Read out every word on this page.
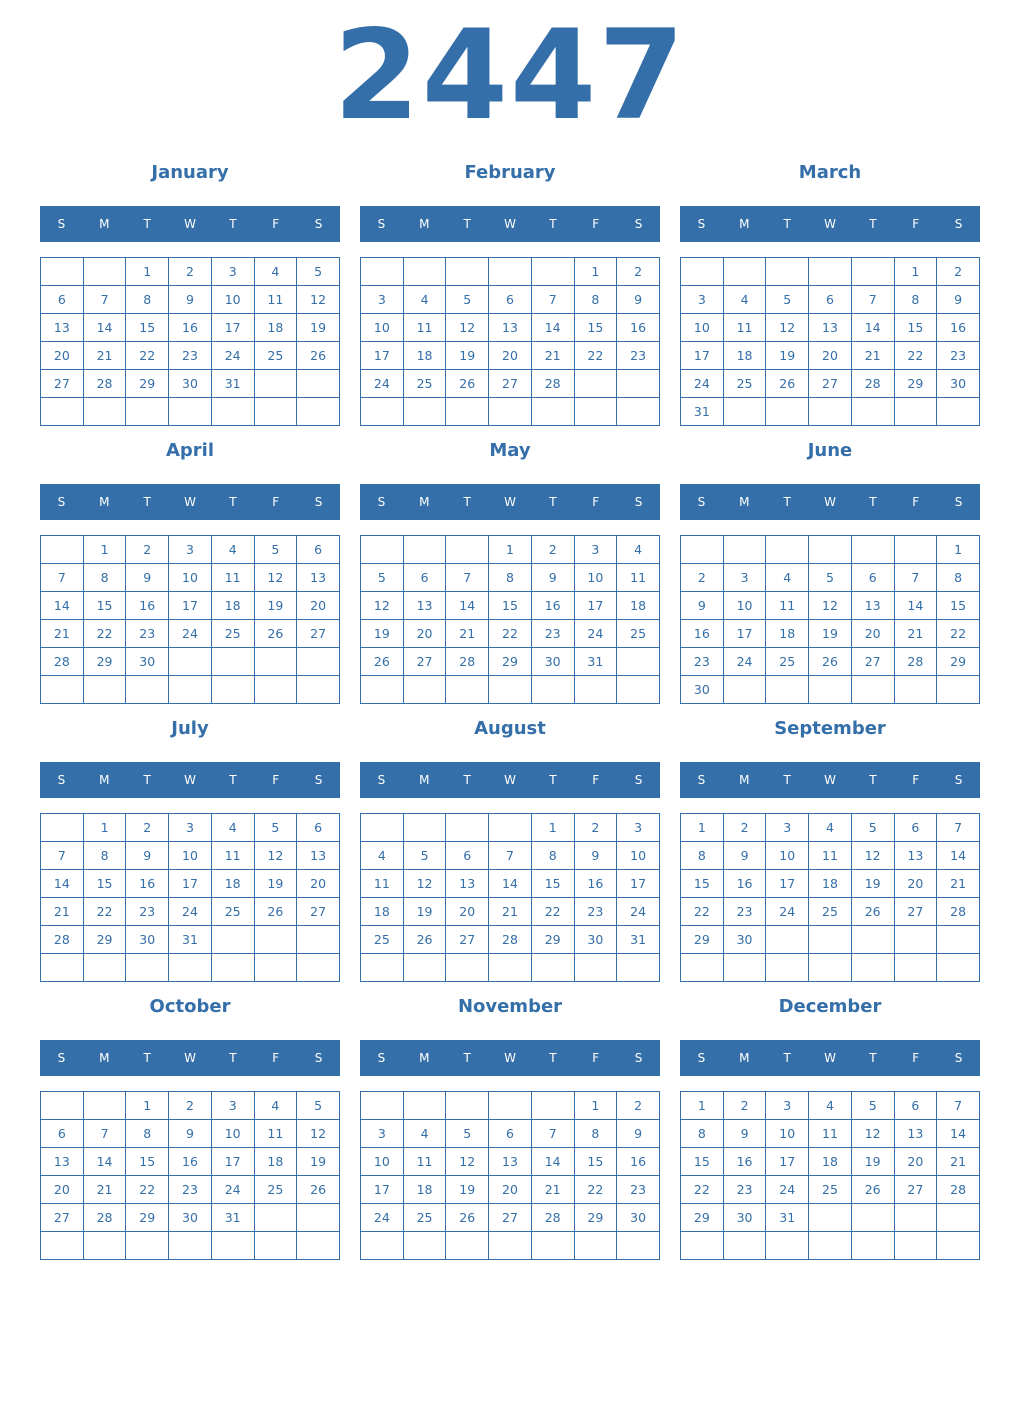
2447
January
S	M	T	W	T	F	S
		1	2	3	4	5
6	7	8	9	10	11	12
13	14	15	16	17	18	19
20	21	22	23	24	25	26
27	28	29	30	31		

February
S	M	T	W	T	F	S
					1	2
3	4	5	6	7	8	9
10	11	12	13	14	15	16
17	18	19	20	21	22	23
24	25	26	27	28		

March
S	M	T	W	T	F	S
					1	2
3	4	5	6	7	8	9
10	11	12	13	14	15	16
17	18	19	20	21	22	23
24	25	26	27	28	29	30
31						
April
S	M	T	W	T	F	S
	1	2	3	4	5	6
7	8	9	10	11	12	13
14	15	16	17	18	19	20
21	22	23	24	25	26	27
28	29	30				

May
S	M	T	W	T	F	S
			1	2	3	4
5	6	7	8	9	10	11
12	13	14	15	16	17	18
19	20	21	22	23	24	25
26	27	28	29	30	31	

June
S	M	T	W	T	F	S
						1
2	3	4	5	6	7	8
9	10	11	12	13	14	15
16	17	18	19	20	21	22
23	24	25	26	27	28	29
30						
July
S	M	T	W	T	F	S
	1	2	3	4	5	6
7	8	9	10	11	12	13
14	15	16	17	18	19	20
21	22	23	24	25	26	27
28	29	30	31			

August
S	M	T	W	T	F	S
				1	2	3
4	5	6	7	8	9	10
11	12	13	14	15	16	17
18	19	20	21	22	23	24
25	26	27	28	29	30	31

September
S	M	T	W	T	F	S
1	2	3	4	5	6	7
8	9	10	11	12	13	14
15	16	17	18	19	20	21
22	23	24	25	26	27	28
29	30					

October
S	M	T	W	T	F	S
		1	2	3	4	5
6	7	8	9	10	11	12
13	14	15	16	17	18	19
20	21	22	23	24	25	26
27	28	29	30	31		

November
S	M	T	W	T	F	S
					1	2
3	4	5	6	7	8	9
10	11	12	13	14	15	16
17	18	19	20	21	22	23
24	25	26	27	28	29	30

December
S	M	T	W	T	F	S
1	2	3	4	5	6	7
8	9	10	11	12	13	14
15	16	17	18	19	20	21
22	23	24	25	26	27	28
29	30	31				
